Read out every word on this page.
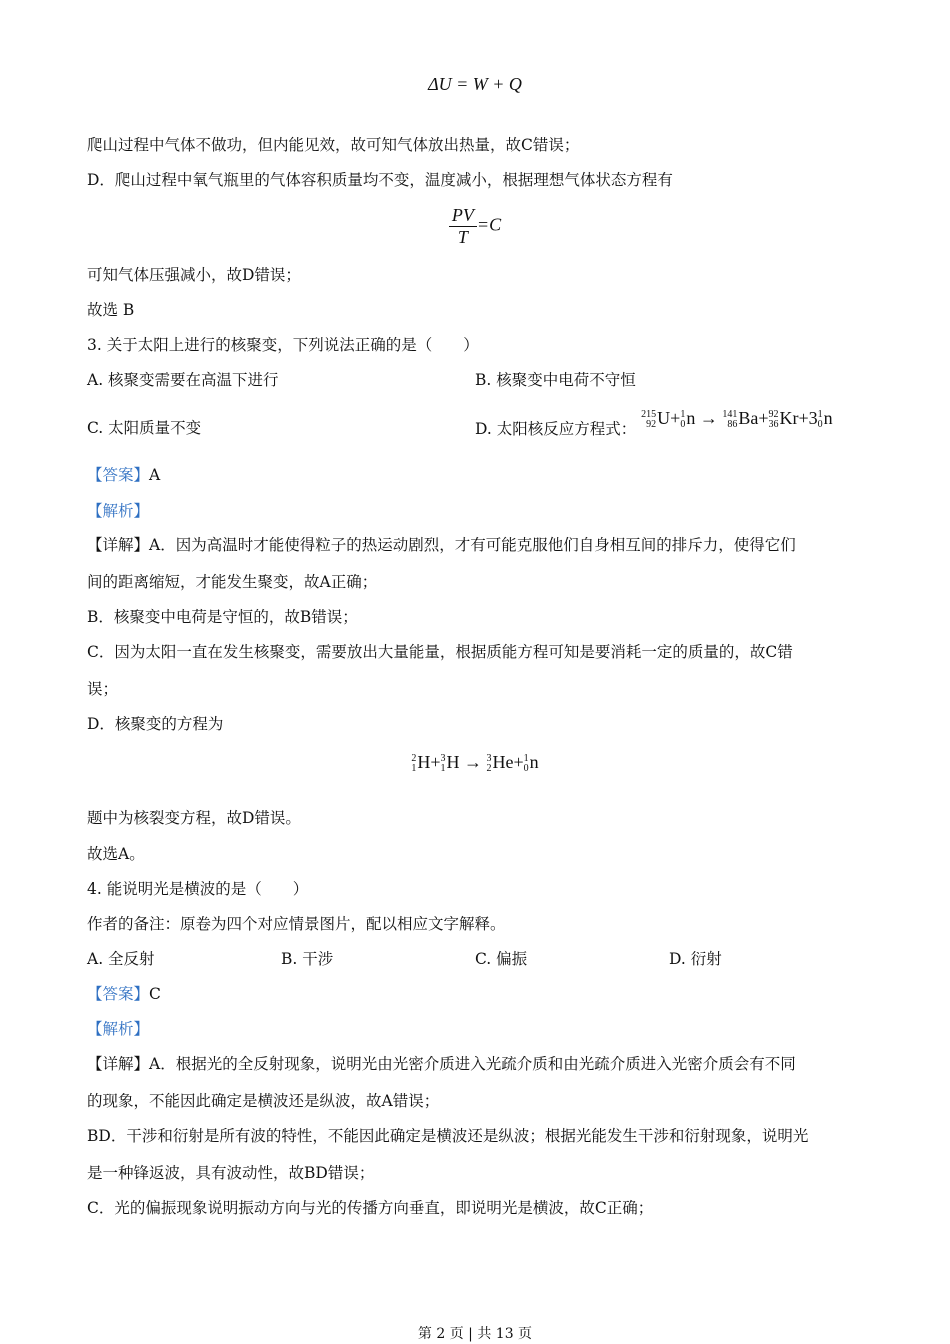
ΔU = W + Q
爬山过程中气体不做功，但内能见效，故可知气体放出热量，故C错误；
D．爬山过程中氧气瓶里的气体容积质量均不变，温度减小，根据理想气体状态方程有
$\frac{PV}{T} =C$
可知气体压强减小，故D错误；
故选 B
3. 关于太阳上进行的核聚变，下列说法正确的是（　　）
A. 核聚变需要在高温下进行	B. 核聚变中电荷不守恒
C. 太阳质量不变	D. 太阳核反应方程式：
215
92 U+ 1
0 n → 141
86 Ba+ 92
36 Kr+3 1
0 n
【答案】A
【解析】
【详解】A．因为高温时才能使得粒子的热运动剧烈，才有可能克服他们自身相互间的排斥力，使得它们
间的距离缩短，才能发生聚变，故A正确；
B．核聚变中电荷是守恒的，故B错误；
C．因为太阳一直在发生核聚变，需要放出大量能量，根据质能方程可知是要消耗一定的质量的，故C错
误；
D．核聚变的方程为
2
1 H+ 3
1 H → 3
2 He+ 1
0 n
题中为核裂变方程，故D错误。
故选A。
4. 能说明光是横波的是（　　）
作者的备注：原卷为四个对应情景图片，配以相应文字解释。
A. 全反射	B. 干涉	C. 偏振	D. 衍射
【答案】C
【解析】
【详解】A．根据光的全反射现象，说明光由光密介质进入光疏介质和由光疏介质进入光密介质会有不同
的现象，不能因此确定是横波还是纵波，故A错误；
BD．干涉和衍射是所有波的特性，不能因此确定是横波还是纵波；根据光能发生干涉和衍射现象，说明光
是一种锋返波，具有波动性，故BD错误；
C．光的偏振现象说明振动方向与光的传播方向垂直，即说明光是横波，故C正确；
第 2 页 | 共 13 页
